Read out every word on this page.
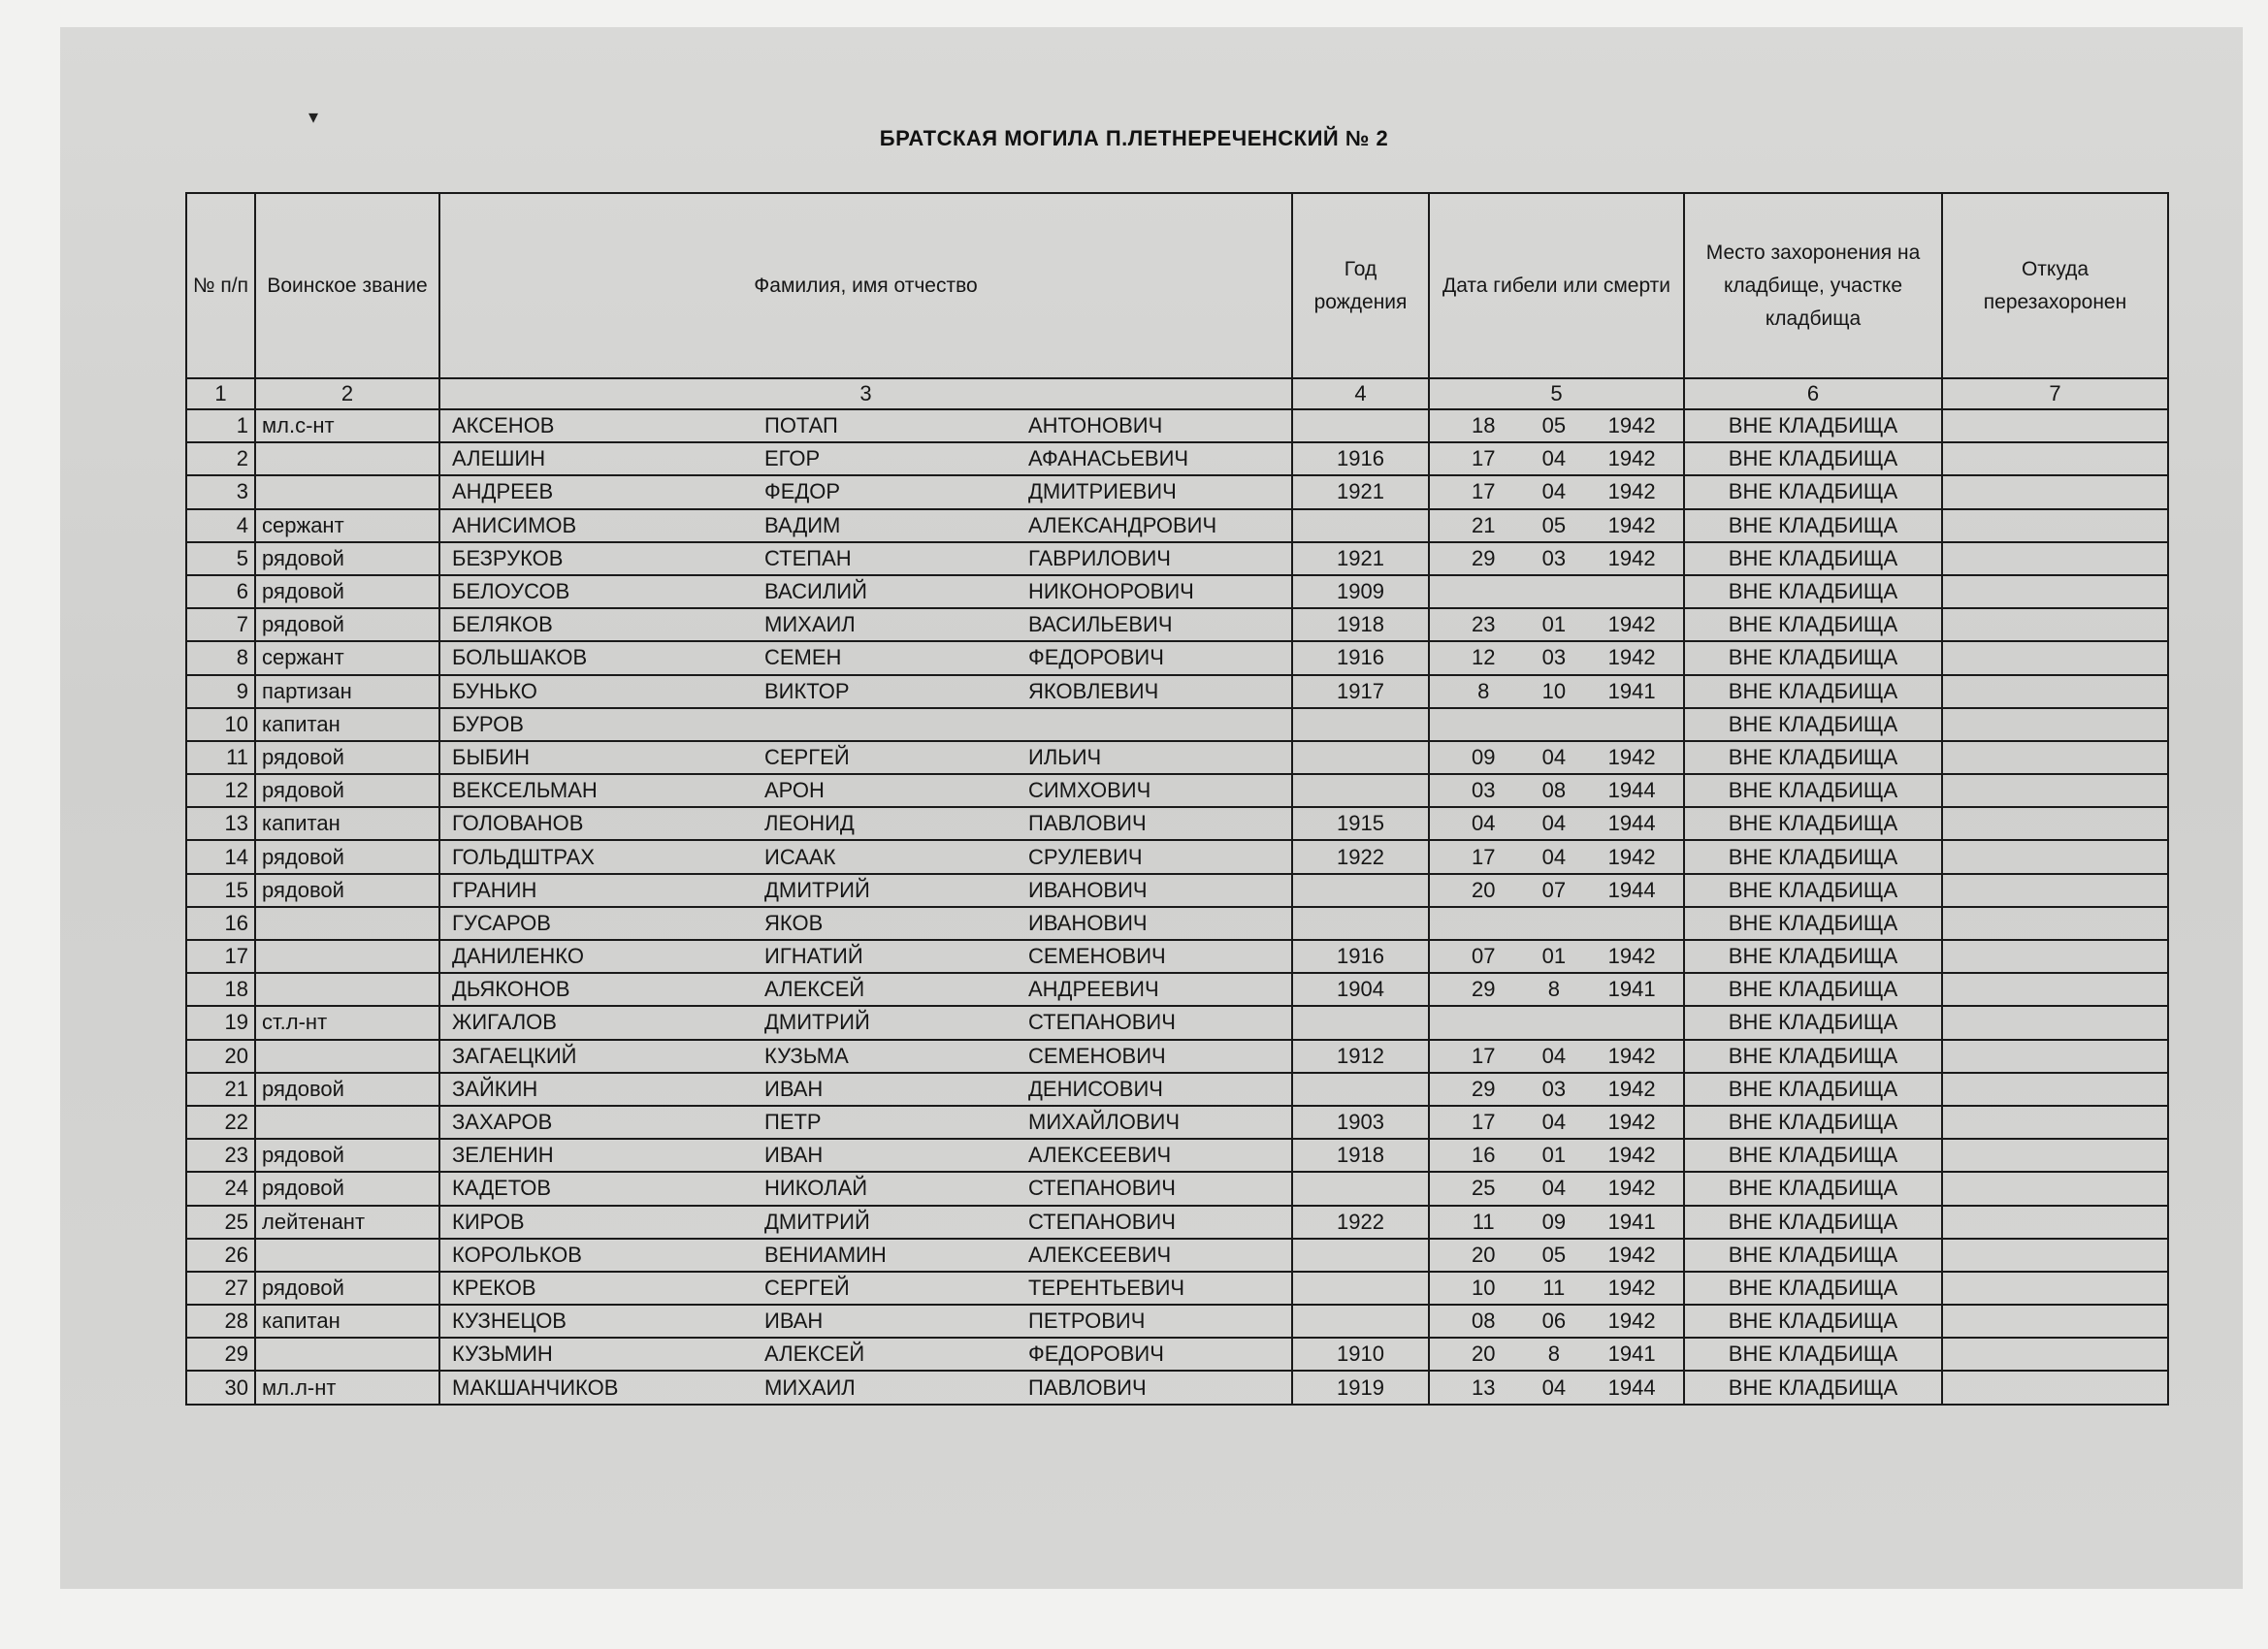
▾
БРАТСКАЯ МОГИЛА П.ЛЕТНЕРЕЧЕНСКИЙ № 2
№ п/п	Воинское звание	Фамилия, имя отчество	Год рождения	Дата гибели или смерти	Место захоронения на кладбище, участке кладбища	Откуда перезахоронен
1	2	3	4	5	6	7
1	мл.с-нт	АКСЕНОВ ПОТАП АНТОНОВИЧ		18 05 1942	ВНЕ КЛАДБИЩА	
2		АЛЕШИН ЕГОР АФАНАСЬЕВИЧ	1916	17 04 1942	ВНЕ КЛАДБИЩА	
3		АНДРЕЕВ ФЕДОР ДМИТРИЕВИЧ	1921	17 04 1942	ВНЕ КЛАДБИЩА	
4	сержант	АНИСИМОВ ВАДИМ АЛЕКСАНДРОВИЧ		21 05 1942	ВНЕ КЛАДБИЩА	
5	рядовой	БЕЗРУКОВ СТЕПАН ГАВРИЛОВИЧ	1921	29 03 1942	ВНЕ КЛАДБИЩА	
6	рядовой	БЕЛОУСОВ ВАСИЛИЙ НИКОНОРОВИЧ	1909		ВНЕ КЛАДБИЩА	
7	рядовой	БЕЛЯКОВ МИХАИЛ ВАСИЛЬЕВИЧ	1918	23 01 1942	ВНЕ КЛАДБИЩА	
8	сержант	БОЛЬШАКОВ СЕМЕН ФЕДОРОВИЧ	1916	12 03 1942	ВНЕ КЛАДБИЩА	
9	партизан	БУНЬКО ВИКТОР ЯКОВЛЕВИЧ	1917	8 10 1941	ВНЕ КЛАДБИЩА	
10	капитан	БУРОВ			ВНЕ КЛАДБИЩА	
11	рядовой	БЫБИН СЕРГЕЙ ИЛЬИЧ		09 04 1942	ВНЕ КЛАДБИЩА	
12	рядовой	ВЕКСЕЛЬМАН АРОН СИМХОВИЧ		03 08 1944	ВНЕ КЛАДБИЩА	
13	капитан	ГОЛОВАНОВ ЛЕОНИД ПАВЛОВИЧ	1915	04 04 1944	ВНЕ КЛАДБИЩА	
14	рядовой	ГОЛЬДШТРАХ ИСААК СРУЛЕВИЧ	1922	17 04 1942	ВНЕ КЛАДБИЩА	
15	рядовой	ГРАНИН ДМИТРИЙ ИВАНОВИЧ		20 07 1944	ВНЕ КЛАДБИЩА	
16		ГУСАРОВ ЯКОВ ИВАНОВИЧ			ВНЕ КЛАДБИЩА	
17		ДАНИЛЕНКО ИГНАТИЙ СЕМЕНОВИЧ	1916	07 01 1942	ВНЕ КЛАДБИЩА	
18		ДЬЯКОНОВ АЛЕКСЕЙ АНДРЕЕВИЧ	1904	29 8 1941	ВНЕ КЛАДБИЩА	
19	ст.л-нт	ЖИГАЛОВ ДМИТРИЙ СТЕПАНОВИЧ			ВНЕ КЛАДБИЩА	
20		ЗАГАЕЦКИЙ КУЗЬМА СЕМЕНОВИЧ	1912	17 04 1942	ВНЕ КЛАДБИЩА	
21	рядовой	ЗАЙКИН ИВАН ДЕНИСОВИЧ		29 03 1942	ВНЕ КЛАДБИЩА	
22		ЗАХАРОВ ПЕТР МИХАЙЛОВИЧ	1903	17 04 1942	ВНЕ КЛАДБИЩА	
23	рядовой	ЗЕЛЕНИН ИВАН АЛЕКСЕЕВИЧ	1918	16 01 1942	ВНЕ КЛАДБИЩА	
24	рядовой	КАДЕТОВ НИКОЛАЙ СТЕПАНОВИЧ		25 04 1942	ВНЕ КЛАДБИЩА	
25	лейтенант	КИРОВ ДМИТРИЙ СТЕПАНОВИЧ	1922	11 09 1941	ВНЕ КЛАДБИЩА	
26		КОРОЛЬКОВ ВЕНИАМИН АЛЕКСЕЕВИЧ		20 05 1942	ВНЕ КЛАДБИЩА	
27	рядовой	КРЕКОВ СЕРГЕЙ ТЕРЕНТЬЕВИЧ		10 11 1942	ВНЕ КЛАДБИЩА	
28	капитан	КУЗНЕЦОВ ИВАН ПЕТРОВИЧ		08 06 1942	ВНЕ КЛАДБИЩА	
29		КУЗЬМИН АЛЕКСЕЙ ФЕДОРОВИЧ	1910	20 8 1941	ВНЕ КЛАДБИЩА	
30	мл.л-нт	МАКШАНЧИКОВ МИХАИЛ ПАВЛОВИЧ	1919	13 04 1944	ВНЕ КЛАДБИЩА	
